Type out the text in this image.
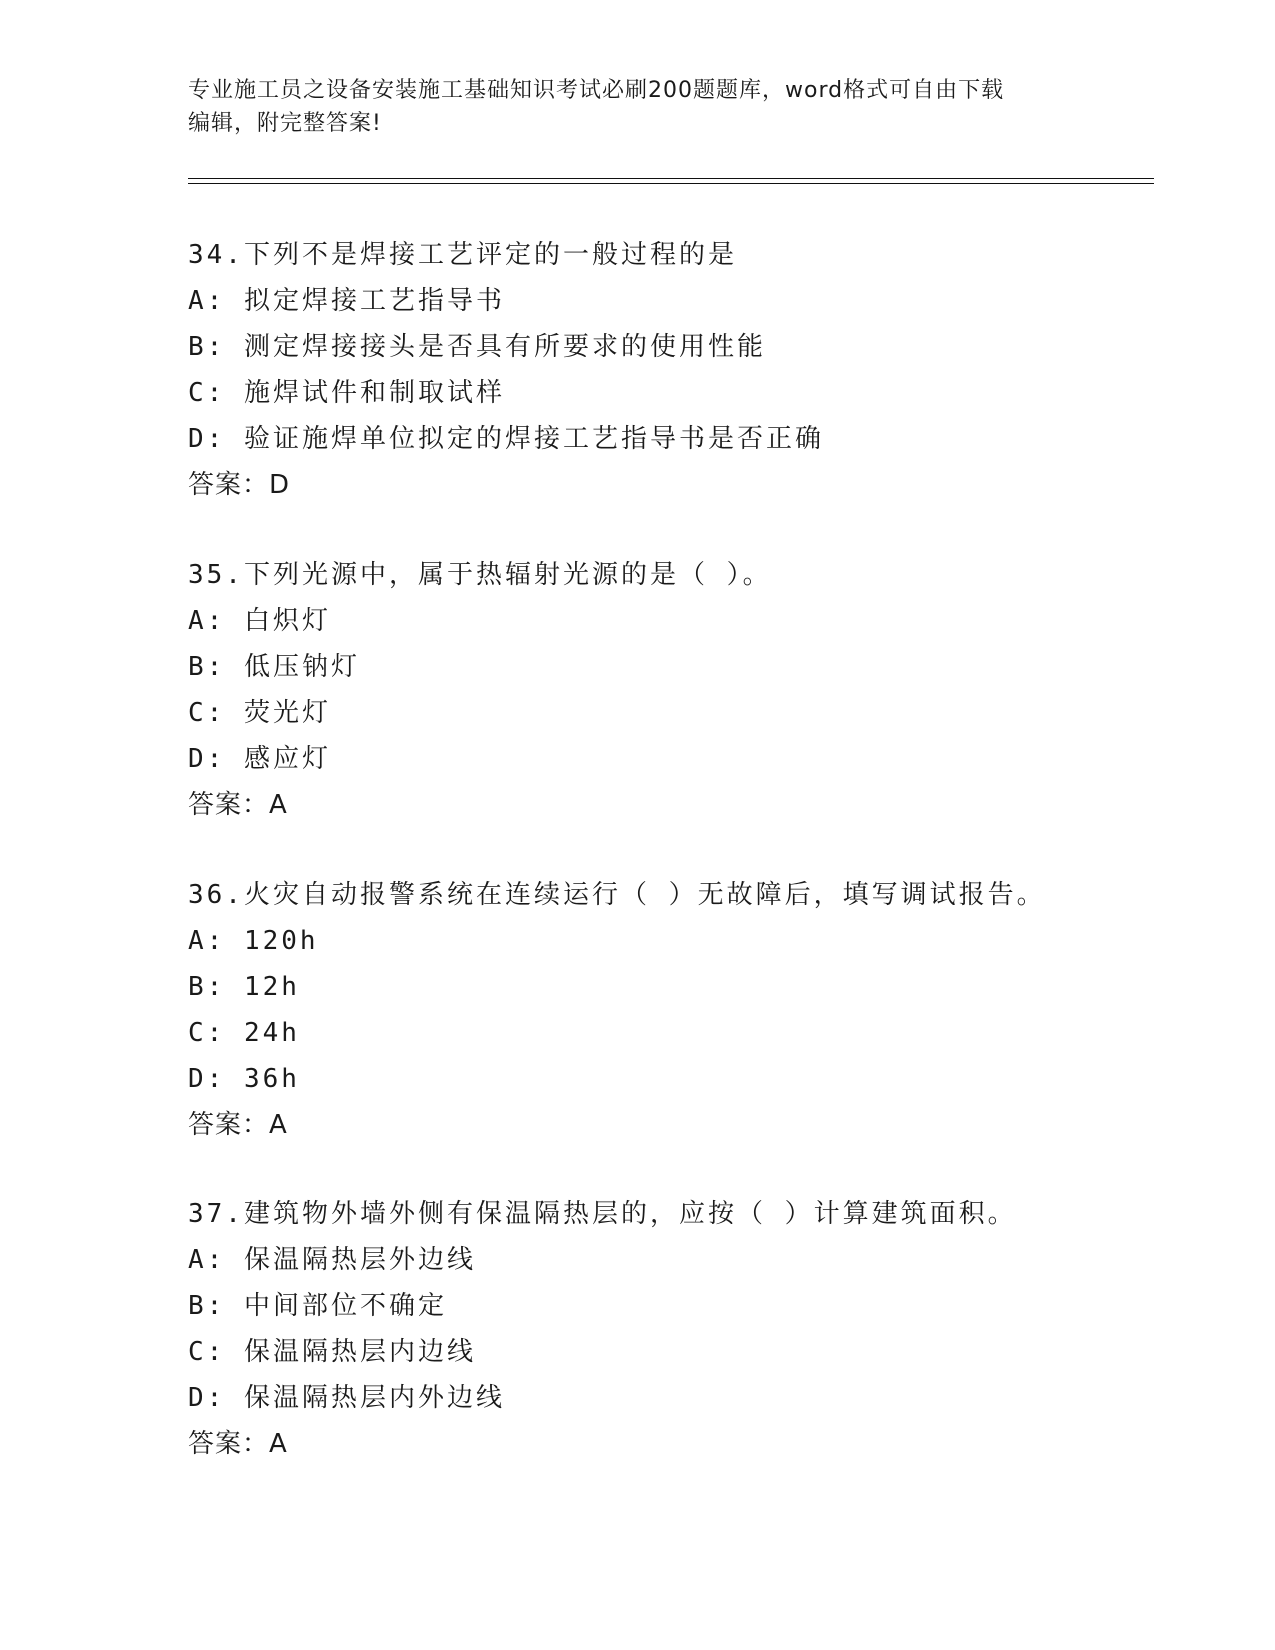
专业施工员之设备安装施工基础知识考试必刷200题题库，word格式可自由下载
编辑，附完整答案!
34.下列不是焊接工艺评定的一般过程的是
A: 拟定焊接工艺指导书
B: 测定焊接接头是否具有所要求的使用性能
C: 施焊试件和制取试样
D: 验证施焊单位拟定的焊接工艺指导书是否正确
答案：D
35.下列光源中，属于热辐射光源的是（ ）。
A: 白炽灯
B: 低压钠灯
C: 荧光灯
D: 感应灯
答案：A
36.火灾自动报警系统在连续运行（ ）无故障后，填写调试报告。
A: 120h
B: 12h
C: 24h
D: 36h
答案：A
37.建筑物外墙外侧有保温隔热层的，应按（ ）计算建筑面积。
A: 保温隔热层外边线
B: 中间部位不确定
C: 保温隔热层内边线
D: 保温隔热层内外边线
答案：A
